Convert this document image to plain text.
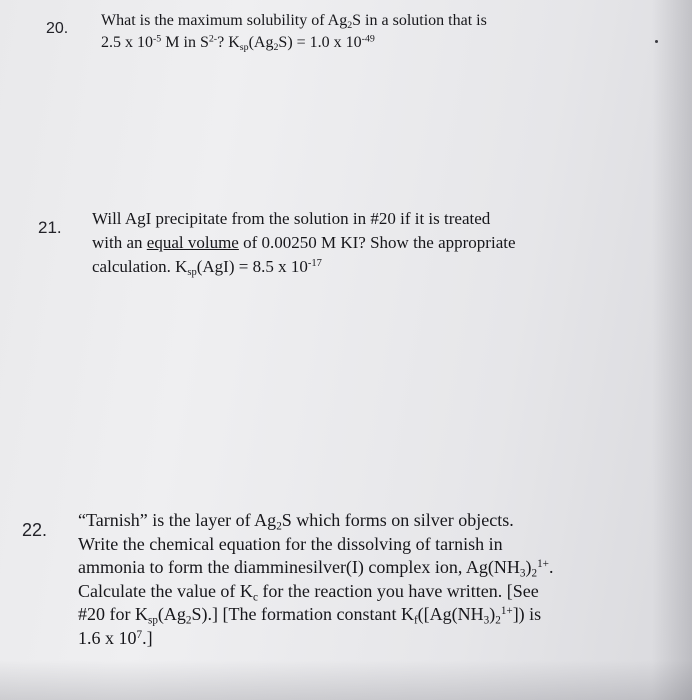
20. What is the maximum solubility of $Ag_2S$ in a solution that is
2.5 x $10^{-5}$ M in $S^{2-}$? $K_{sp}(Ag_2S) = 1.0$ x $10^{-49}$
21. Will AgI precipitate from the solution in #20 if it is treated
with an equal volume of 0.00250 M KI? Show the appropriate
calculation. $K_{sp}(AgI) = 8.5$ x $10^{-17}$
22. “Tarnish” is the layer of $Ag_2S$ which forms on silver objects.
Write the chemical equation for the dissolving of tarnish in
ammonia to form the diamminesilver(I) complex ion, $Ag(NH_3)_2^{1+}$.
Calculate the value of $K_c$ for the reaction you have written. [See
#20 for $K_{sp}(Ag_2S)$.] [The formation constant $K_f([Ag(NH_3)_2^{1+}])$ is
1.6 x $10^7$.]
